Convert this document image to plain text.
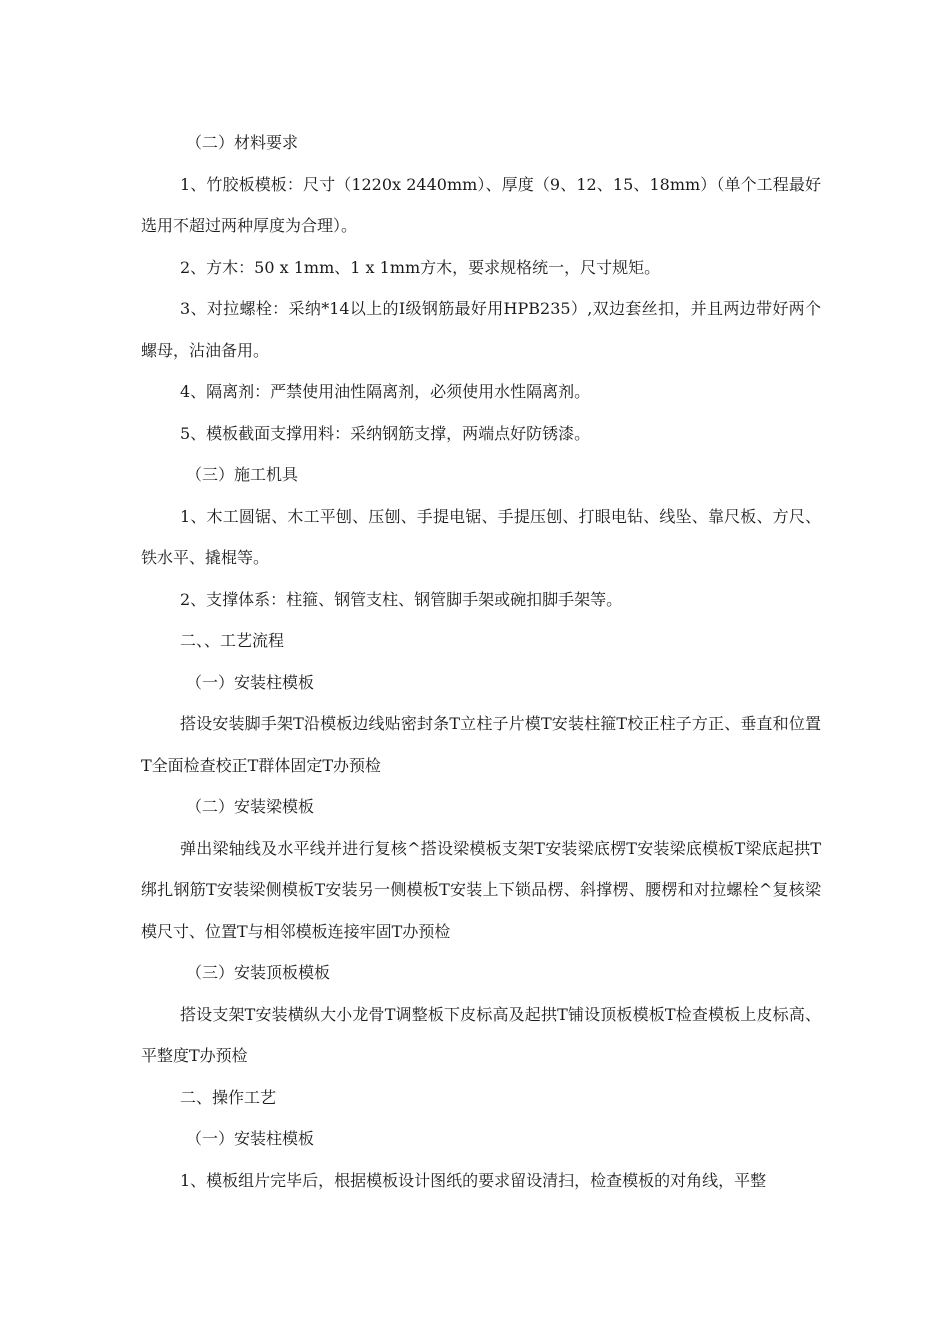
（二）材料要求

1、竹胶板模板：尺寸（1220x 2440mm）、厚度（9、12、15、18mm）（单个工程最好选用不超过两种厚度为合理）。

2、方木：50 x 1mm、1 x 1mm方木，要求规格统一，尺寸规矩。

3、对拉螺栓：采纳*14以上的Ⅰ级钢筋最好用HPB235）,双边套丝扣，并且两边带好两个螺母，沾油备用。

4、隔离剂：严禁使用油性隔离剂，必须使用水性隔离剂。

5、模板截面支撑用料：采纳钢筋支撑，两端点好防锈漆。

（三）施工机具

1、木工圆锯、木工平刨、压刨、手提电锯、手提压刨、打眼电钻、线坠、靠尺板、方尺、铁水平、撬棍等。

2、支撑体系：柱箍、钢管支柱、钢管脚手架或碗扣脚手架等。

二、、工艺流程

（一）安装柱模板

搭设安装脚手架T沿模板边线贴密封条T立柱子片模T安装柱箍T校正柱子方正、垂直和位置T全面检查校正T群体固定T办预检

（二）安装梁模板

弹出梁轴线及水平线并进行复核^搭设梁模板支架T安装梁底楞T安装梁底模板T梁底起拱T绑扎钢筋T安装梁侧模板T安装另一侧模板T安装上下锁品楞、斜撑楞、腰楞和对拉螺栓^复核梁模尺寸、位置T与相邻模板连接牢固T办预检

（三）安装顶板模板

搭设支架T安装横纵大小龙骨T调整板下皮标高及起拱T铺设顶板模板T检查模板上皮标高、平整度T办预检

二、操作工艺

（一）安装柱模板

1、模板组片完毕后，根据模板设计图纸的要求留设清扫，检查模板的对角线，平整
